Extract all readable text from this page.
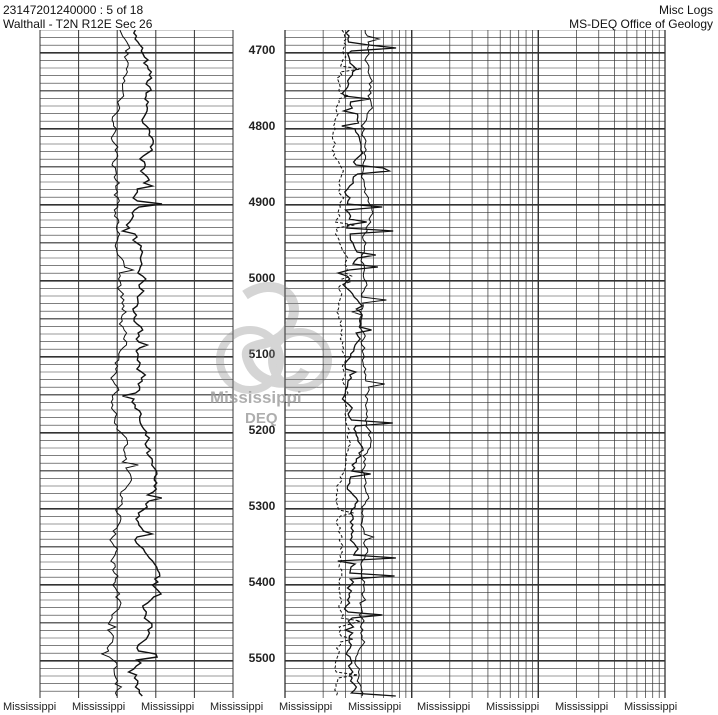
23147201240000 : 5 of 18
Walthall - T2N R12E Sec 26
Misc Logs
MS-DEQ Office of Geology
4700
4800
4900
5000
5100
5200
5300
5400
5500
Mississippi
DEQ
Mississippi Mississippi Mississippi Mississippi Mississippi Mississippi Mississippi Mississippi Mississippi Mississippi
